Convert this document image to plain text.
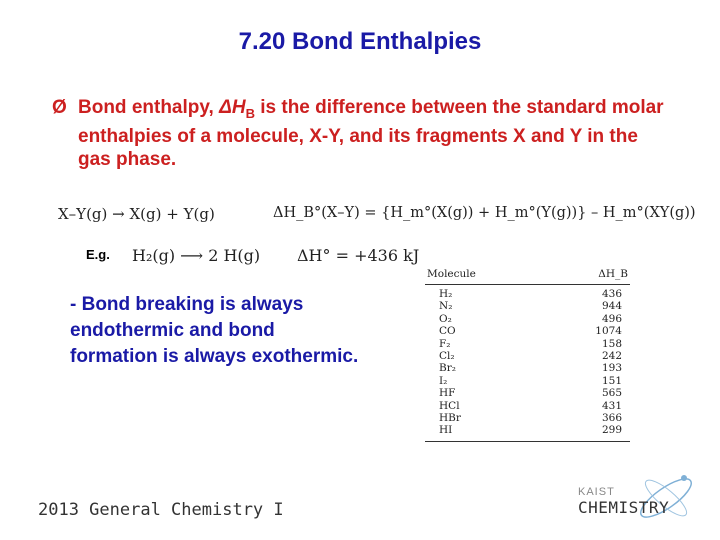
7.20 Bond Enthalpies
Ø Bond enthalpy, $\Delta H_B$ is the difference between the standard molar enthalpies of a molecule, X-Y, and its fragments X and Y in the gas phase.
X–Y(g) → X(g) + Y(g)	ΔH_B°(X–Y) = {H_m°(X(g)) + H_m°(Y(g))} – H_m°(XY(g))
E.g. H₂(g) ⟶ 2 H(g) ΔH° = +436 kJ
- Bond breaking is always endothermic and bond formation is always exothermic.
Molecule	ΔH_B
H₂	436
N₂	944
O₂	496
CO	1074
F₂	158
Cl₂	242
Br₂	193
I₂	151
HF	565
HCl	431
HBr	366
HI	299
2013 General Chemistry I
KAIST
CHEMISTRY
